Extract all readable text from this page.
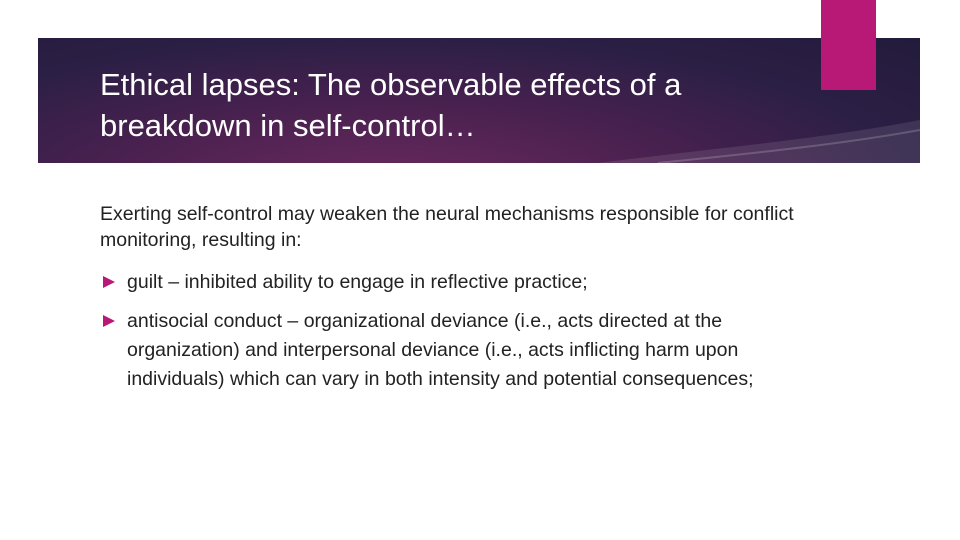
Ethical lapses: The observable effects of a breakdown in self-control…

Exerting self-control may weaken the neural mechanisms responsible for conflict monitoring, resulting in:

guilt – inhibited ability to engage in reflective practice;
antisocial conduct – organizational deviance (i.e., acts directed at the organization) and interpersonal deviance (i.e., acts inflicting harm upon individuals) which can vary in both intensity and potential consequences;
